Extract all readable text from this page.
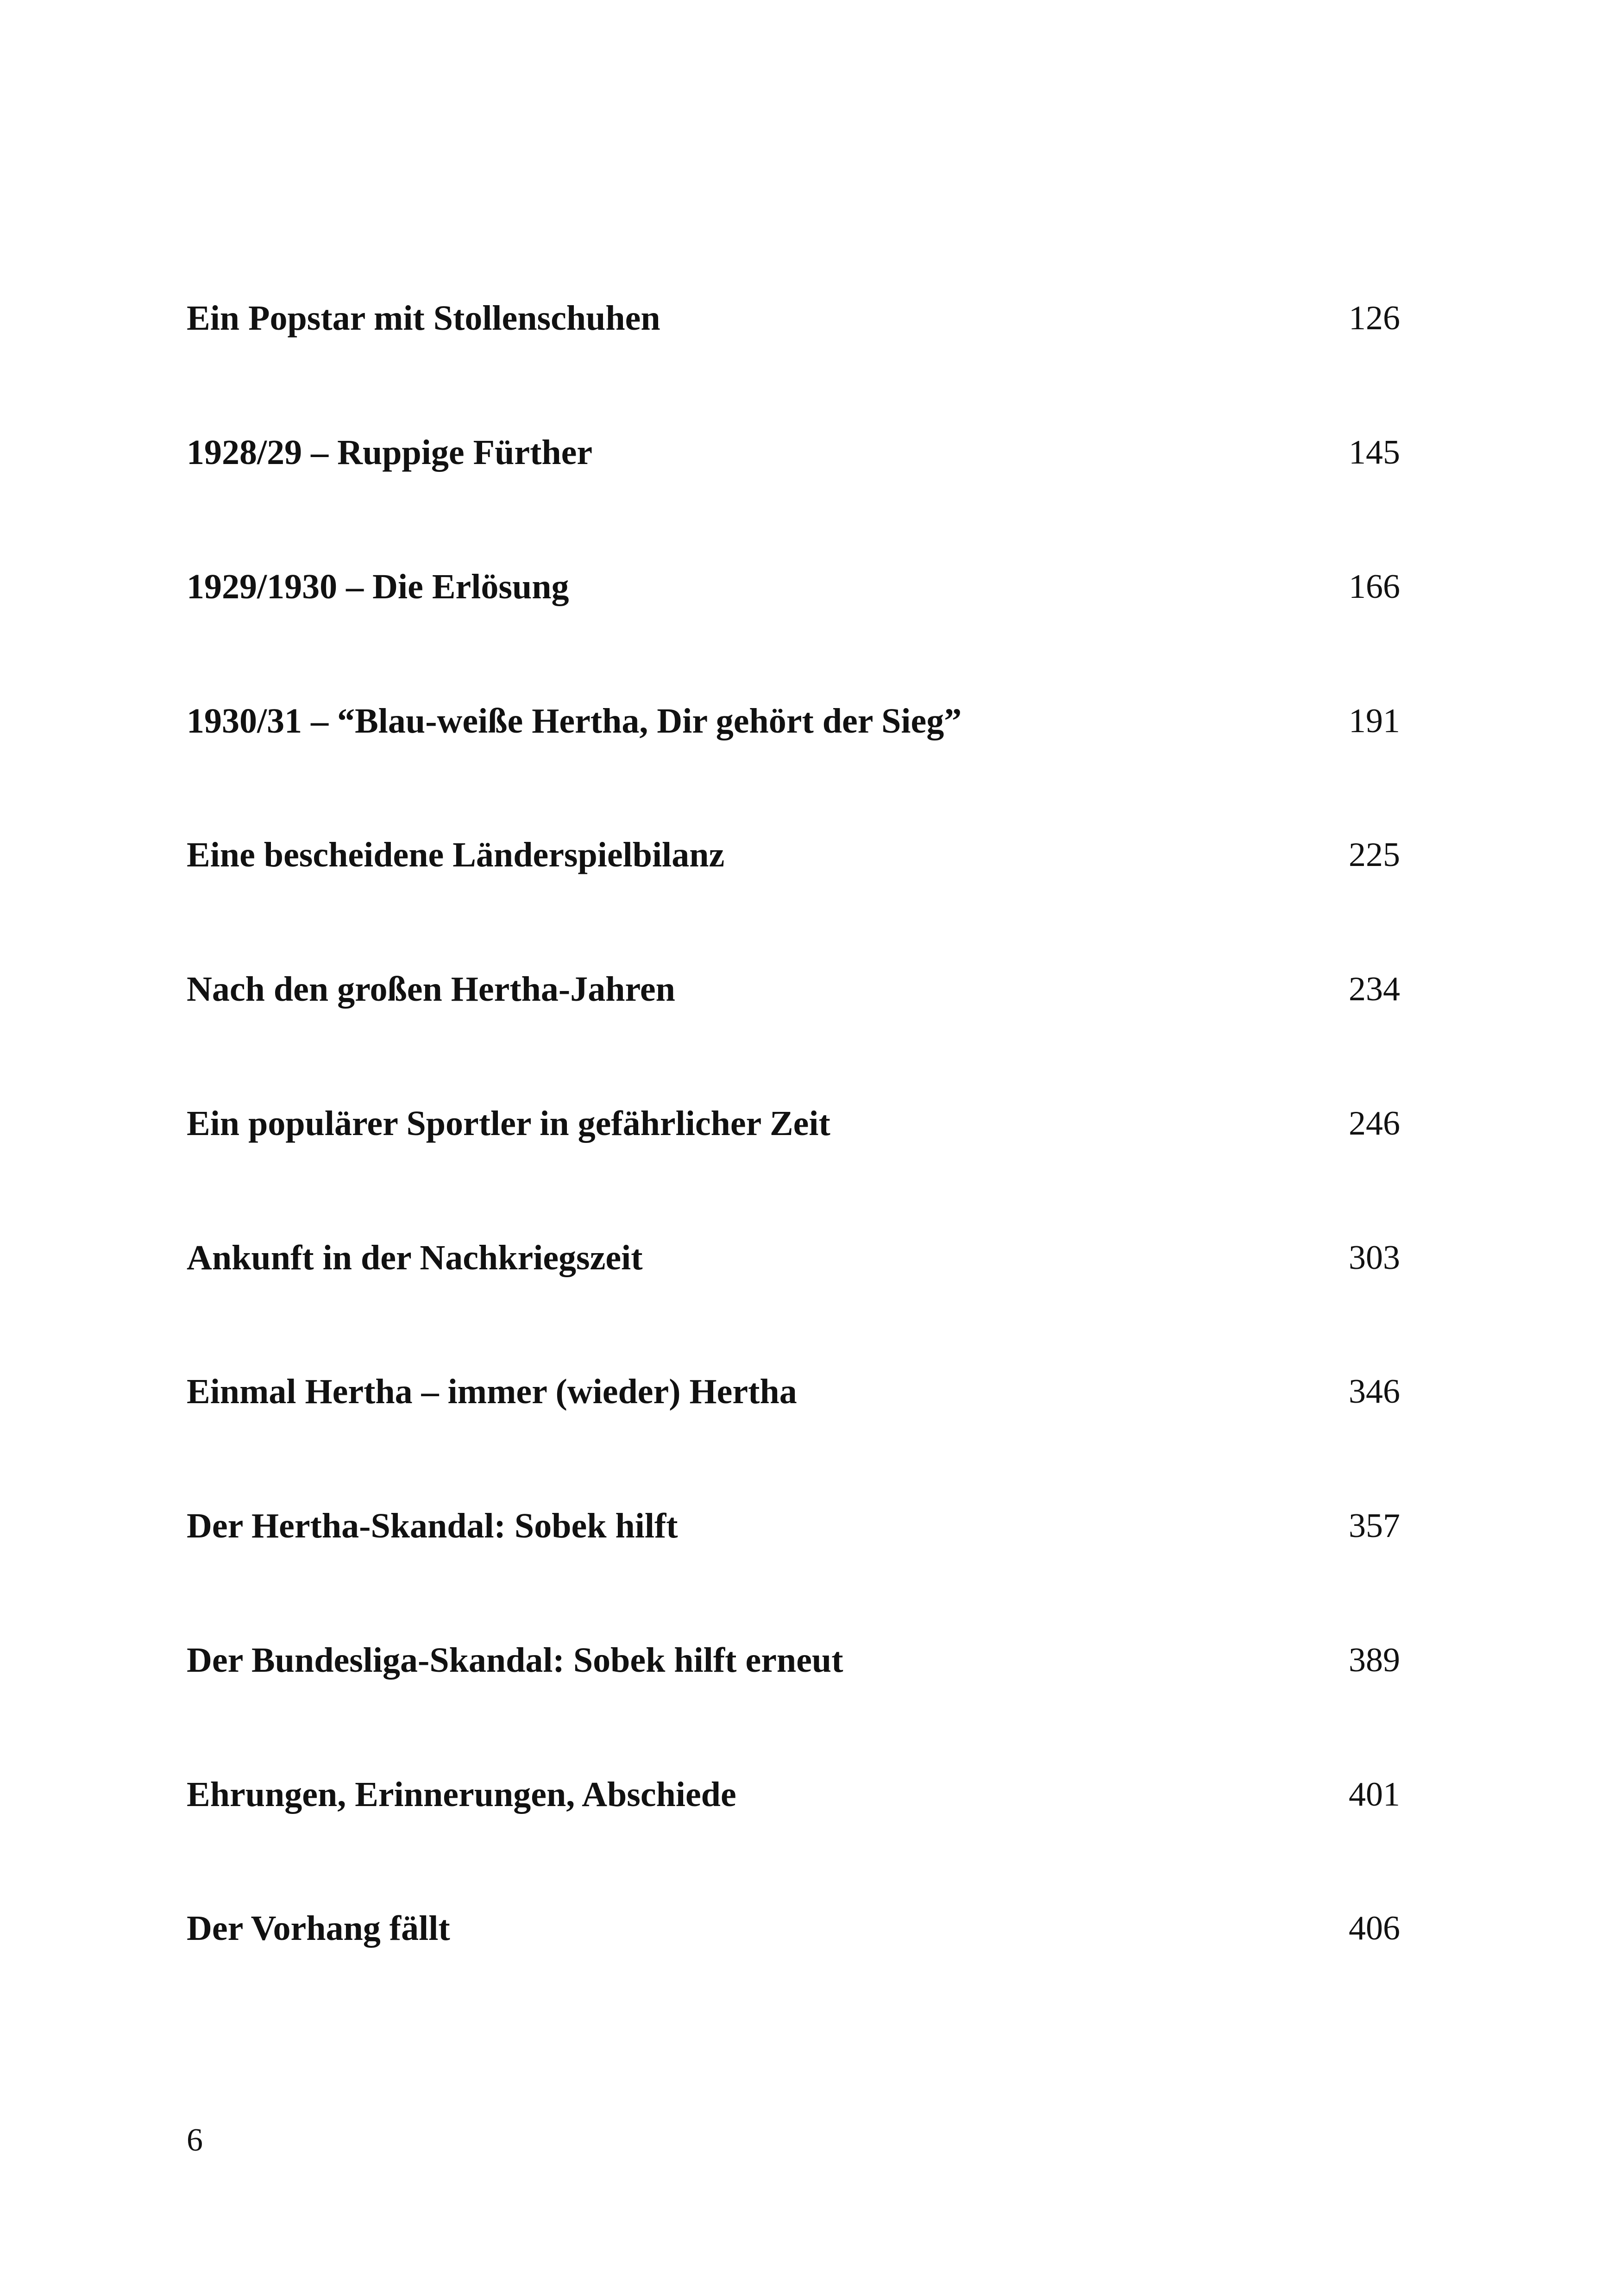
Ein Popstar mit Stollenschuhen	126
1928/29 – Ruppige Fürther	145
1929/1930 – Die Erlösung	166
1930/31 – “Blau-weiße Hertha, Dir gehört der Sieg”	191
Eine bescheidene Länderspielbilanz	225
Nach den großen Hertha-Jahren	234
Ein populärer Sportler in gefährlicher Zeit	246
Ankunft in der Nachkriegszeit	303
Einmal Hertha – immer (wieder) Hertha	346
Der Hertha-Skandal: Sobek hilft	357
Der Bundesliga-Skandal: Sobek hilft erneut	389
Ehrungen, Erinnerungen, Abschiede	401
Der Vorhang fällt	406
6
